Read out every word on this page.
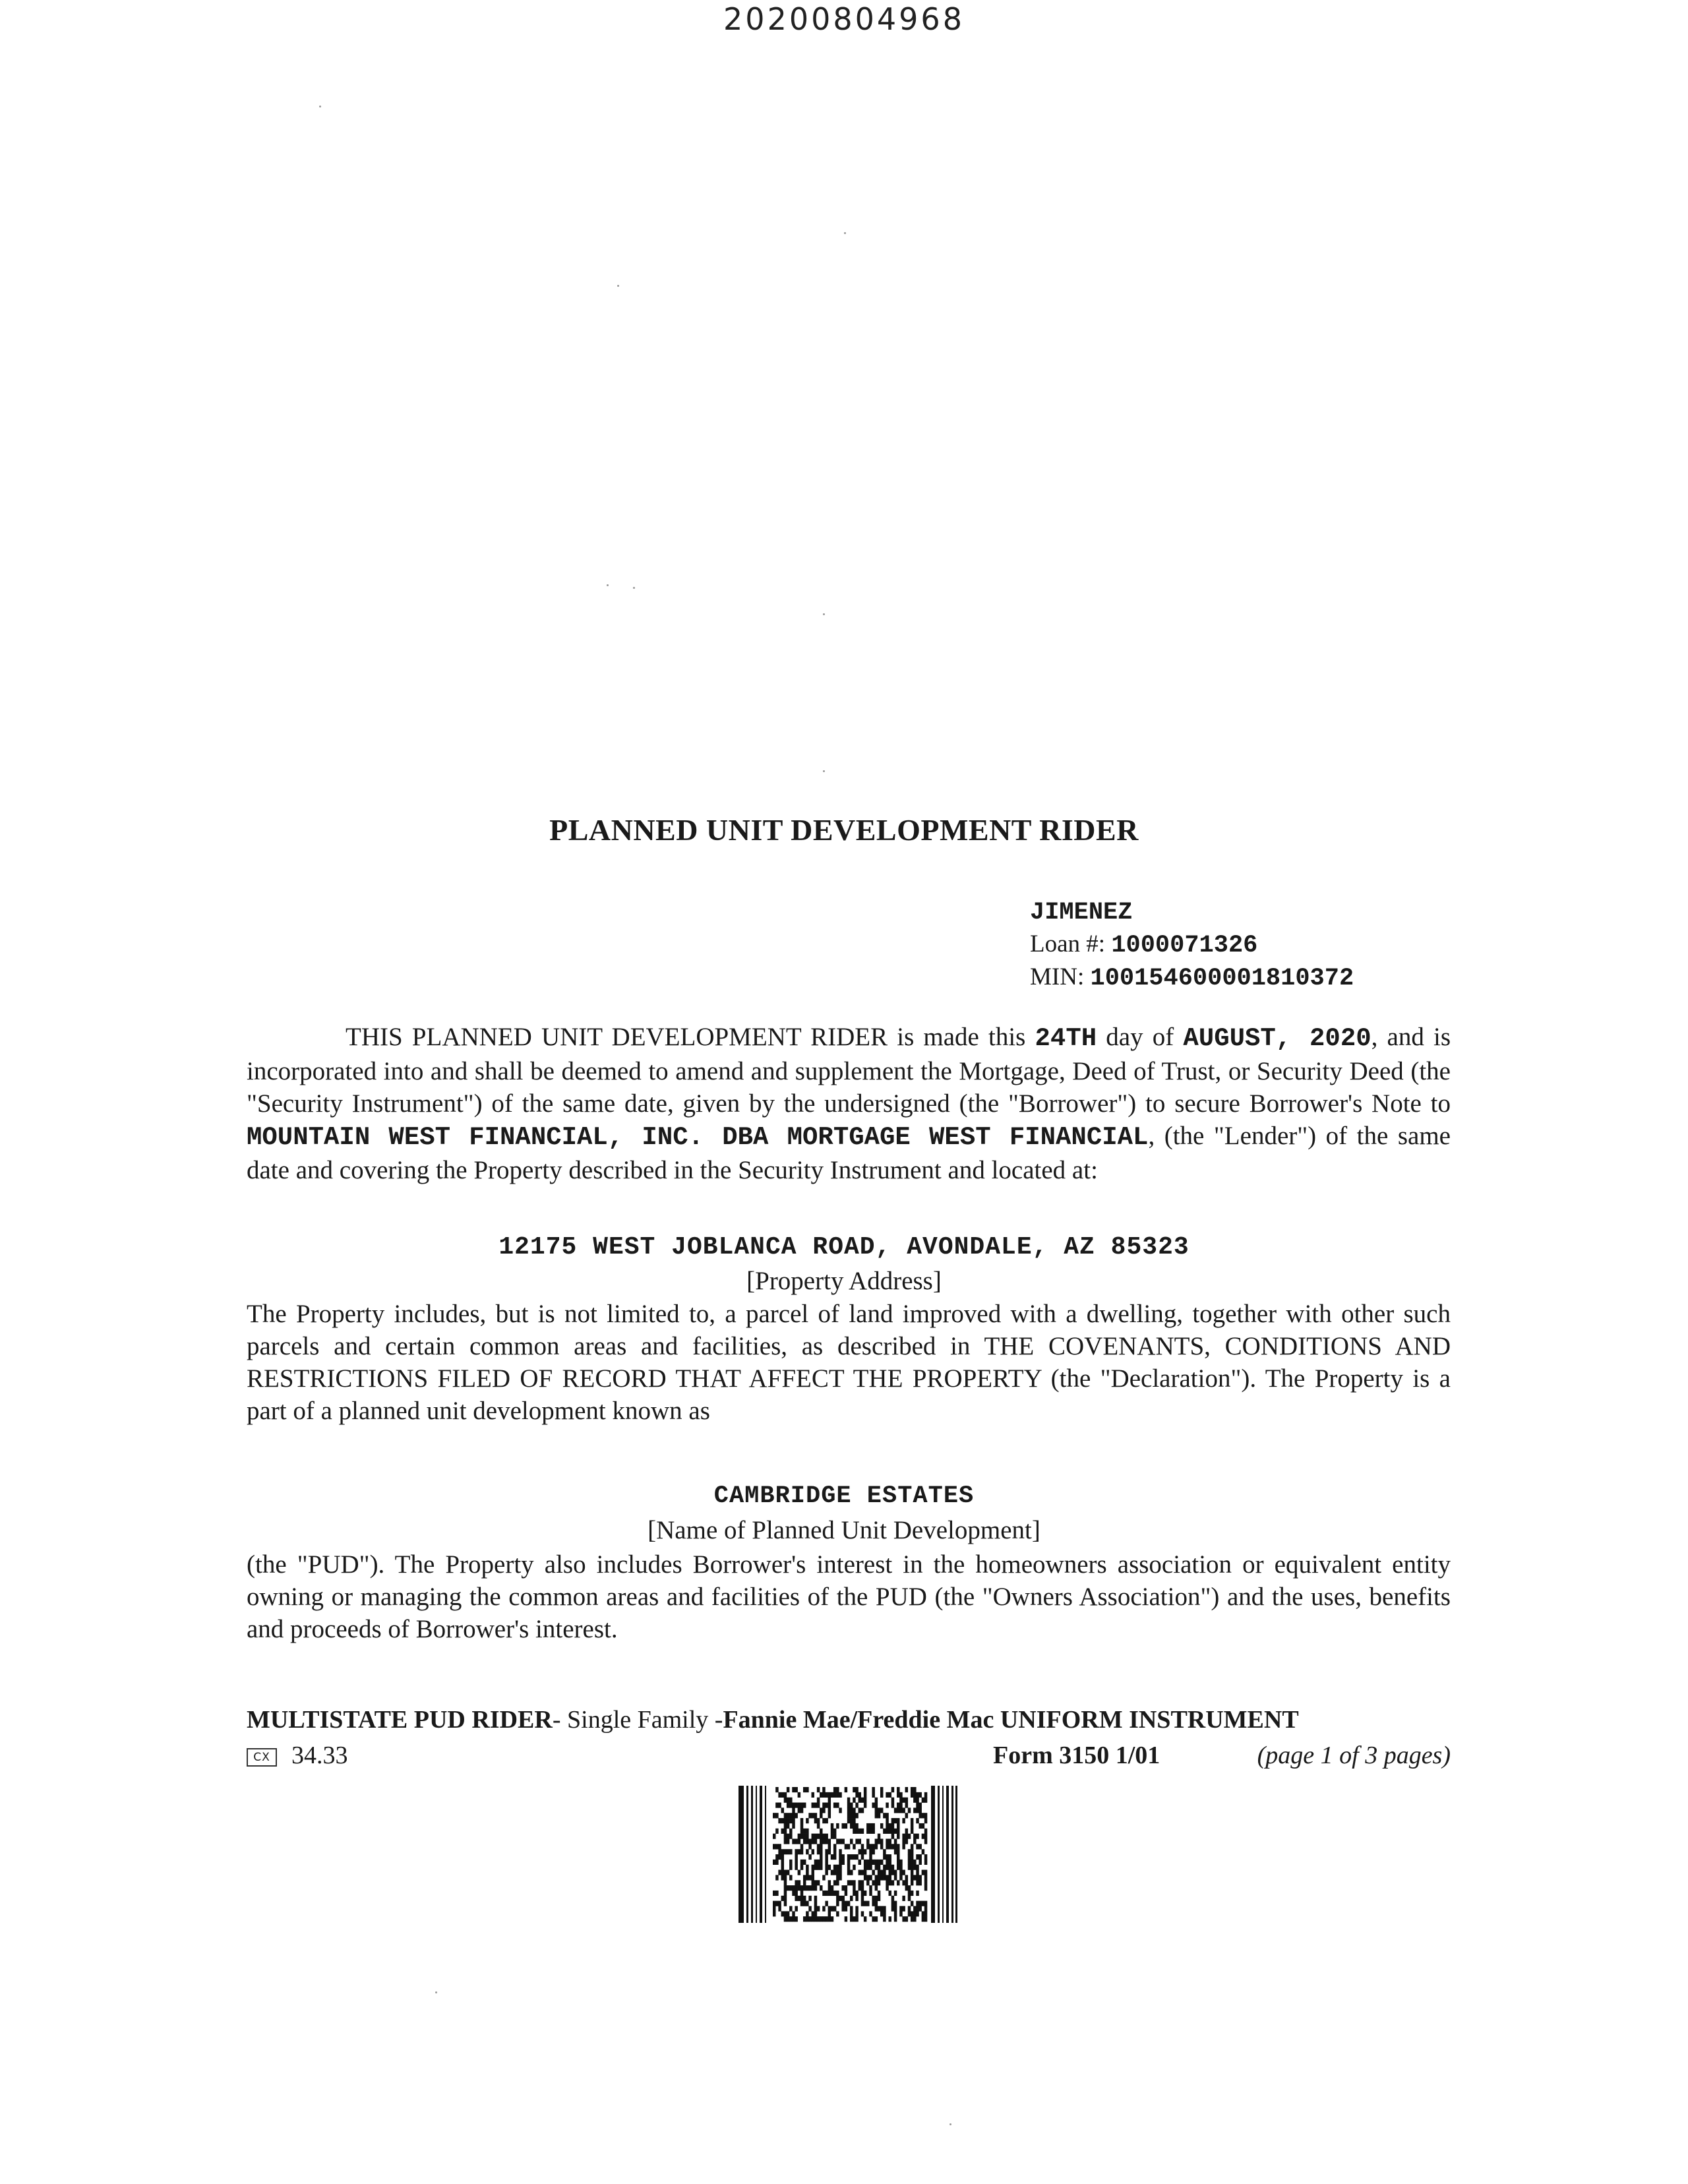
20200804968
PLANNED UNIT DEVELOPMENT RIDER
JIMENEZ
Loan #: 1000071326
MIN: 100154600001810372
THIS PLANNED UNIT DEVELOPMENT RIDER is made this 24TH day of AUGUST, 2020, and is incorporated into and shall be deemed to amend and supplement the Mortgage, Deed of Trust, or Security Deed (the "Security Instrument") of the same date, given by the undersigned (the "Borrower") to secure Borrower's Note to MOUNTAIN WEST FINANCIAL, INC. DBA MORTGAGE WEST FINANCIAL, (the "Lender") of the same date and covering the Property described in the Security Instrument and located at:
12175 WEST JOBLANCA ROAD, AVONDALE, AZ 85323
[Property Address]
The Property includes, but is not limited to, a parcel of land improved with a dwelling, together with other such parcels and certain common areas and facilities, as described in THE COVENANTS, CONDITIONS AND RESTRICTIONS FILED OF RECORD THAT AFFECT THE PROPERTY (the "Declaration"). The Property is a part of a planned unit development known as
CAMBRIDGE ESTATES
[Name of Planned Unit Development]
(the "PUD"). The Property also includes Borrower's interest in the homeowners association or equivalent entity owning or managing the common areas and facilities of the PUD (the "Owners Association") and the uses, benefits and proceeds of Borrower's interest.
MULTISTATE PUD RIDER- Single Family -Fannie Mae/Freddie Mac UNIFORM INSTRUMENT
CX 34.33	Form 3150 1/01	(page 1 of 3 pages)
